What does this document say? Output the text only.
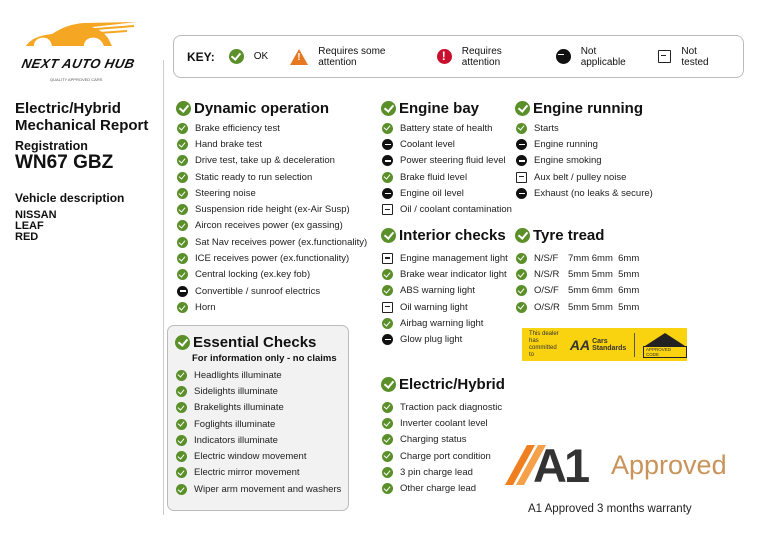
NEXT AUTO HUB
QUALITY APPROVED CARS
Electric/Hybrid
Mechanical Report
Registration
WN67 GBZ
Vehicle description
NISSAN
LEAF
RED
KEY:	OK !	Requires some attention
!
Requires attention
Not applicable
Not tested
Dynamic operation
Brake efficiency test
Hand brake test
Drive test, take up & deceleration
Static ready to run selection
Steering noise
Suspension ride height (ex-Air Susp)
Aircon receives power (ex gassing)
Sat Nav receives power (ex.functionality)
ICE receives power (ex.functionality)
Central locking (ex.key fob)
Convertible / sunroof electrics
Horn
Engine bay
Battery state of health
Coolant level
Power steering fluid level
Brake fluid level
Engine oil level
Oil / coolant contamination
Engine running
Starts
Engine running
Engine smoking
Aux belt / pulley noise
Exhaust (no leaks & secure)
Interior checks
Engine management light
Brake wear indicator light
ABS warning light
Oil warning light
Airbag warning light
Glow plug light
Tyre tread
N/S/F 7mm 6mm  6mm
N/S/R 5mm 5mm  5mm
O/S/F 5mm 6mm  6mm
O/S/R 5mm 5mm  5mm
Essential Checks
For information only - no claims
Headlights illuminate
Sidelights illuminate
Brakelights illuminate
Foglights illuminate
Indicators illuminate
Electric window movement
Electric mirror movement
Wiper arm movement and washers
Electric/Hybrid
Traction pack diagnostic
Inverter coolant level
Charging status
Charge port condition
3 pin charge lead
Other charge lead
This dealer has committed to
AA Cars
Standards	APPROVED CODE
A1 Approved
A1 Approved 3 months warranty
